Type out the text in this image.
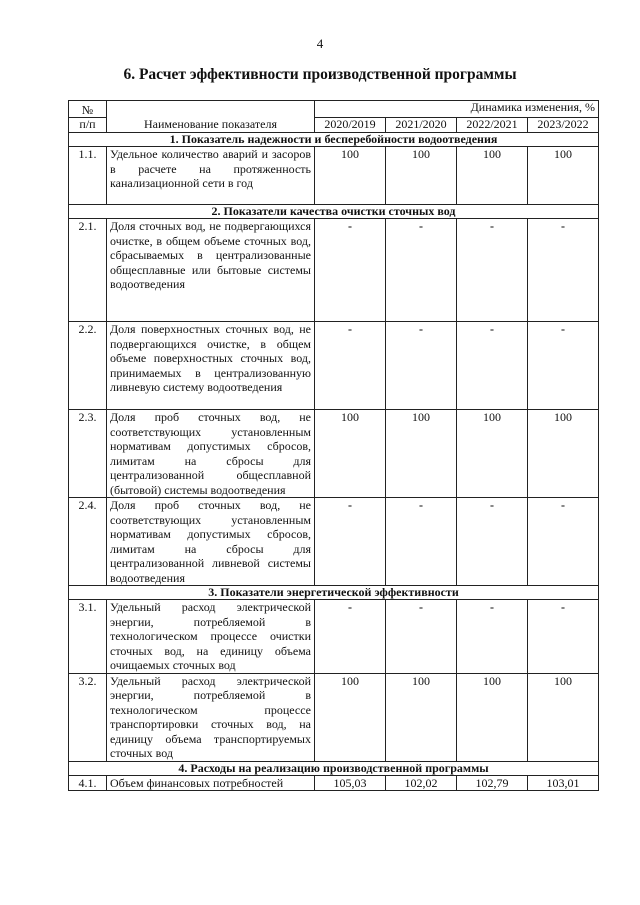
4
6. Расчет эффективности производственной программы
№		Динамика изменения, %			
п/п	Наименование показателя	2020/2019	2021/2020	2022/2021	2023/2022
1. Показатель надежности и бесперебойности водоотведения					
1.1.	Удельное количество аварий и засоров в расчете на протяженность канализационной сети в год	100	100	100	100
2. Показатели качества очистки сточных вод					
2.1.	Доля сточных вод, не подвергающихся очистке, в общем объеме сточных вод, сбрасываемых в централизованные общесплавные или бытовые системы водоотведения	-	-	-	-
2.2.	Доля поверхностных сточных вод, не подвергающихся очистке, в общем объеме поверхностных сточных вод, принимаемых в централизованную ливневую систему водоотведения	-	-	-	-
2.3.	Доля проб сточных вод, не соответствующих установленным нормативам допустимых сбросов, лимитам на сбросы для централизованной общесплавной (бытовой) системы водоотведения	100	100	100	100
2.4.	Доля проб сточных вод, не соответствующих установленным нормативам допустимых сбросов, лимитам на сбросы для централизованной ливневой системы водоотведения	-	-	-	-
3. Показатели энергетической эффективности					
3.1.	Удельный расход электрической энергии, потребляемой в технологическом процессе очистки сточных вод, на единицу объема очищаемых сточных вод	-	-	-	-
3.2.	Удельный расход электрической энергии, потребляемой в технологическом процессе транспортировки сточных вод, на единицу объема транспортируемых сточных вод	100	100	100	100
4. Расходы на реализацию производственной программы					
4.1.	Объем финансовых потребностей	105,03	102,02	102,79	103,01
